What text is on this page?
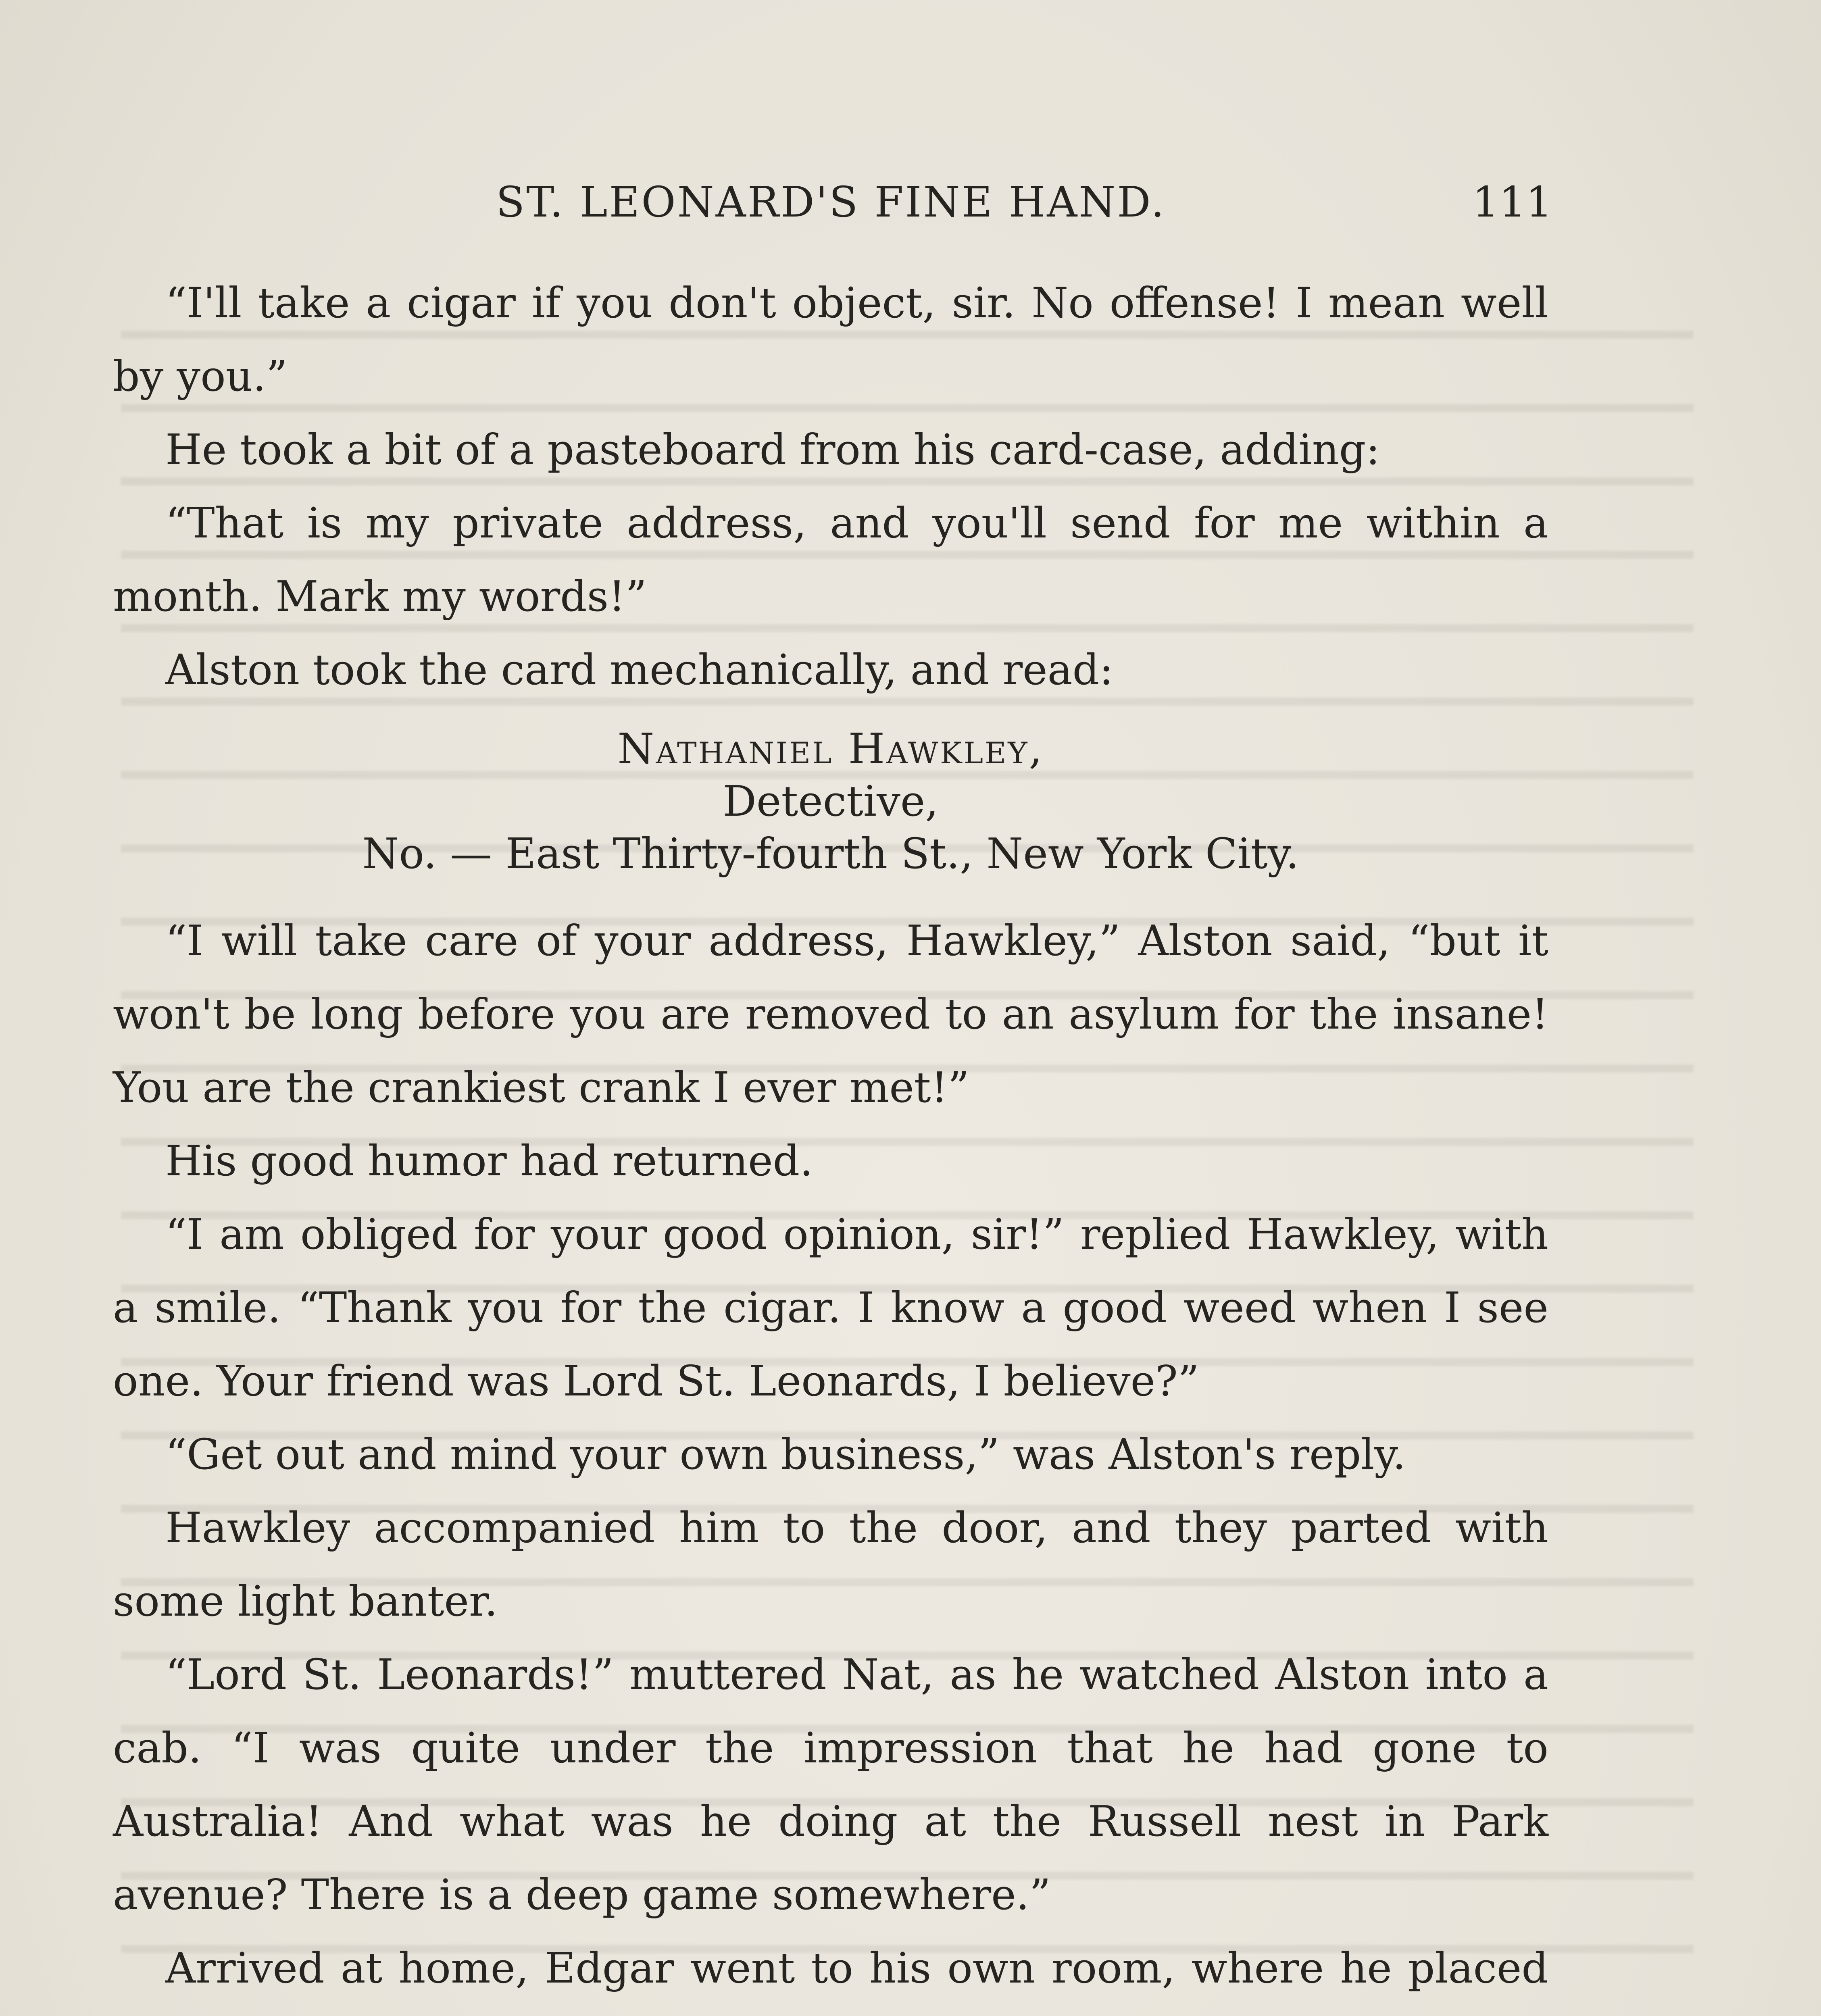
ST. LEONARD'S FINE HAND.	111

“I'll take a cigar if you don't object, sir. No offense! I mean well by you.”

He took a bit of a pasteboard from his card-case, adding:

“That is my private address, and you'll send for me within a month. Mark my words!”

Alston took the card mechanically, and read:

Nathaniel Hawkley,
Detective,
No. — East Thirty-fourth St., New York City.

“I will take care of your address, Hawkley,” Alston said, “but it won't be long before you are removed to an asylum for the insane! You are the crankiest crank I ever met!”

His good humor had returned.

“I am obliged for your good opinion, sir!” replied Hawkley, with a smile. “Thank you for the cigar. I know a good weed when I see one. Your friend was Lord St. Leonards, I believe?”

“Get out and mind your own business,” was Alston's reply.

Hawkley accompanied him to the door, and they parted with some light banter.

“Lord St. Leonards!” muttered Nat, as he watched Alston into a cab. “I was quite under the impression that he had gone to Australia! And what was he doing at the Russell nest in Park avenue? There is a deep game somewhere.”

Arrived at home, Edgar went to his own room, where he placed
